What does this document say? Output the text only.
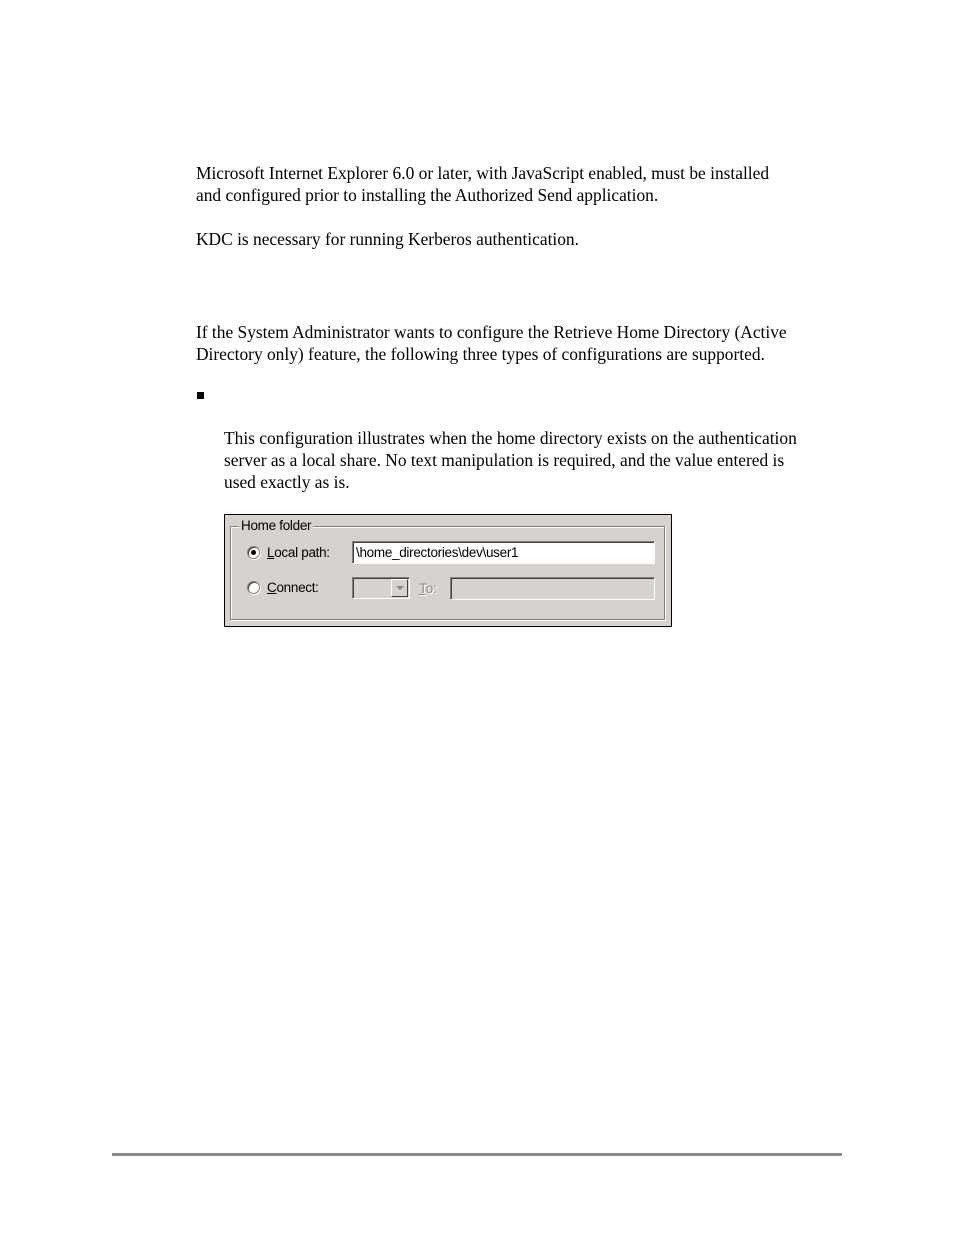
Microsoft Internet Explorer 6.0 or later, with JavaScript enabled, must be installed
and configured prior to installing the Authorized Send application.
KDC is necessary for running Kerberos authentication.
If the System Administrator wants to configure the Retrieve Home Directory (Active
Directory only) feature, the following three types of configurations are supported.
This configuration illustrates when the home directory exists on the authentication
server as a local share. No text manipulation is required, and the value entered is
used exactly as is.
Home folder
Local path: \home_directories\dev\user1
Connect:	To:
